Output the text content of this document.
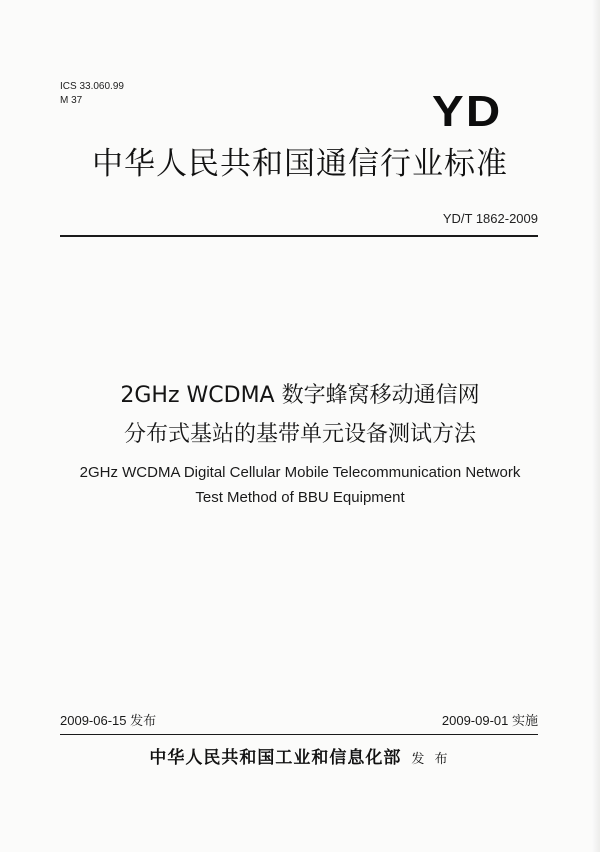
ICS 33.060.99
M 37	YD
中华人民共和国通信行业标准
YD/T 1862-2009
2GHz WCDMA 数字蜂窝移动通信网
分布式基站的基带单元设备测试方法
2GHz WCDMA Digital Cellular Mobile Telecommunication Network
Test Method of BBU Equipment
2009-06-15 发布	2009-09-01 实施
中华人民共和国工业和信息化部 发 布
